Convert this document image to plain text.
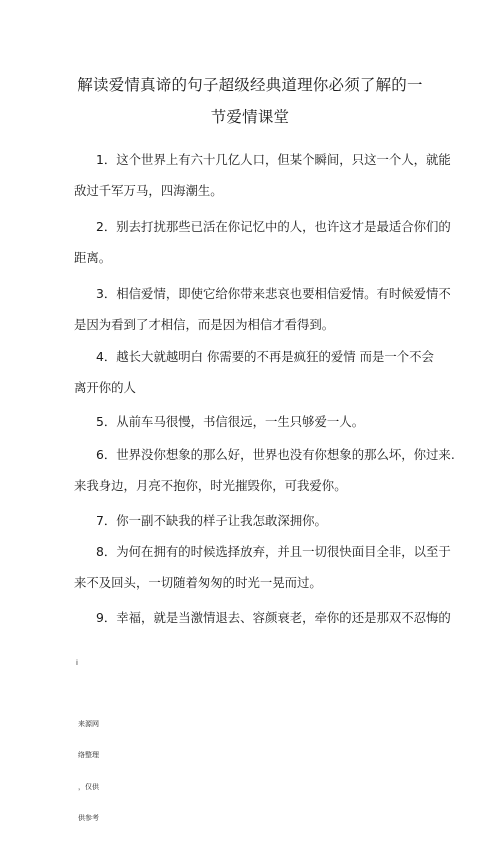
解读爱情真谛的句子超级经典道理你必须了解的一
节爱情课堂
1．这个世界上有六十几亿人口，但某个瞬间，只这一个人，就能
敌过千军万马，四海潮生。
2．别去打扰那些已活在你记忆中的人，也许这才是最适合你们的
距离。
3．相信爱情，即使它给你带来悲哀也要相信爱情。有时候爱情不
是因为看到了才相信，而是因为相信才看得到。
4．越长大就越明白 你需要的不再是疯狂的爱情 而是一个不会
离开你的人
5．从前车马很慢，书信很远，一生只够爱一人。
6．世界没你想象的那么好，世界也没有你想象的那么坏，你过来.
来我身边，月亮不抱你，时光摧毁你，可我爱你。
7．你一副不缺我的样子让我怎敢深拥你。
8．为何在拥有的时候选择放弃，并且一切很快面目全非，以至于
来不及回头，一切随着匆匆的时光一晃而过。
9．幸福，就是当激情退去、容颜衰老，牵你的还是那双不忍悔的

i

来源网

络整理

，仅供

供参考
